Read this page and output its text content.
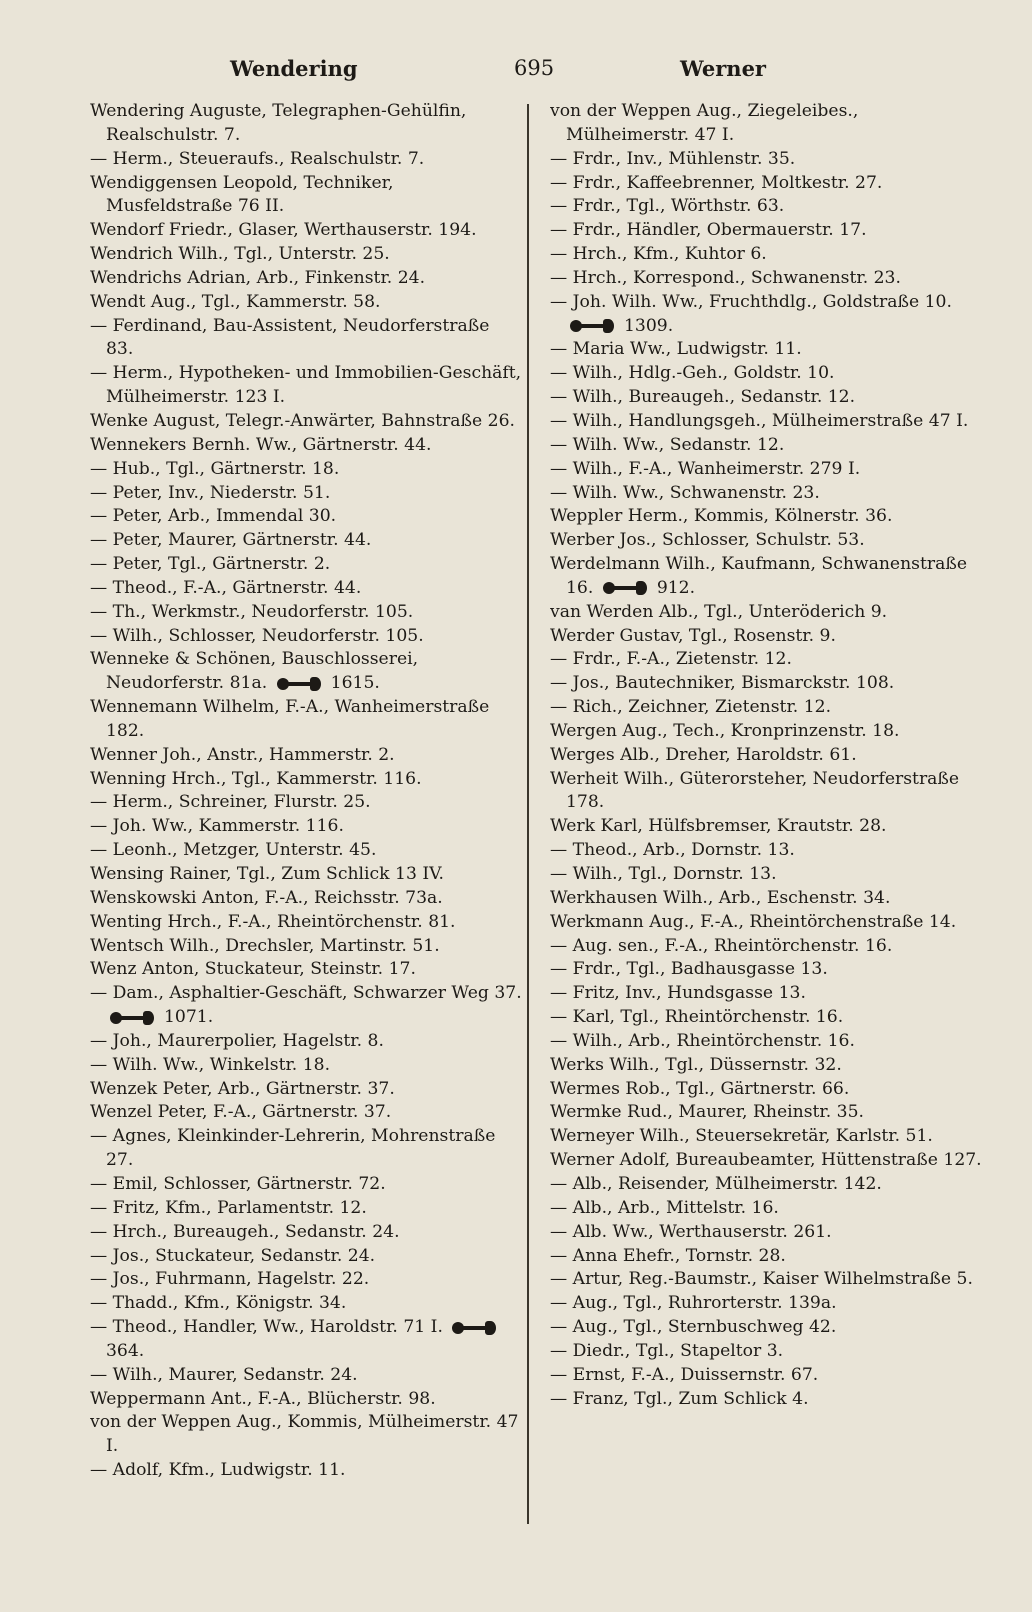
Wendering	695	Werner
Wendering Auguste, Telegraphen-Gehülfin, Realschulstr. 7.
— Herm., Steueraufs., Realschulstr. 7.
Wendiggensen Leopold, Techniker, Musfeldstraße 76 II.
Wendorf Friedr., Glaser, Werthauserstr. 194.
Wendrich Wilh., Tgl., Unterstr. 25.
Wendrichs Adrian, Arb., Finkenstr. 24.
Wendt Aug., Tgl., Kammerstr. 58.
— Ferdinand, Bau-Assistent, Neudorferstraße 83.
— Herm., Hypotheken- und Immobilien-Geschäft, Mülheimerstr. 123 I.
Wenke August, Telegr.-Anwärter, Bahnstraße 26.
Wennekers Bernh. Ww., Gärtnerstr. 44.
— Hub., Tgl., Gärtnerstr. 18.
— Peter, Inv., Niederstr. 51.
— Peter, Arb., Immendal 30.
— Peter, Maurer, Gärtnerstr. 44.
— Peter, Tgl., Gärtnerstr. 2.
— Theod., F.-A., Gärtnerstr. 44.
— Th., Werkmstr., Neudorferstr. 105.
— Wilh., Schlosser, Neudorferstr. 105.
Wenneke & Schönen, Bauschlosserei, Neudorferstr. 81a.	1615.
Wennemann Wilhelm, F.-A., Wanheimerstraße 182.
Wenner Joh., Anstr., Hammerstr. 2.
Wenning Hrch., Tgl., Kammerstr. 116.
— Herm., Schreiner, Flurstr. 25.
— Joh. Ww., Kammerstr. 116.
— Leonh., Metzger, Unterstr. 45.
Wensing Rainer, Tgl., Zum Schlick 13 IV.
Wenskowski Anton, F.-A., Reichsstr. 73a.
Wenting Hrch., F.-A., Rheintörchenstr. 81.
Wentsch Wilh., Drechsler, Martinstr. 51.
Wenz Anton, Stuckateur, Steinstr. 17.
— Dam., Asphaltier-Geschäft, Schwarzer Weg 37.
1071.
— Joh., Maurerpolier, Hagelstr. 8.
— Wilh. Ww., Winkelstr. 18.
Wenzek Peter, Arb., Gärtnerstr. 37.
Wenzel Peter, F.-A., Gärtnerstr. 37.
— Agnes, Kleinkinder-Lehrerin, Mohrenstraße 27.
— Emil, Schlosser, Gärtnerstr. 72.
— Fritz, Kfm., Parlamentstr. 12.
— Hrch., Bureaugeh., Sedanstr. 24.
— Jos., Stuckateur, Sedanstr. 24.
— Jos., Fuhrmann, Hagelstr. 22.
— Thadd., Kfm., Königstr. 34.
— Theod., Handler, Ww., Haroldstr. 71 I.
364.
— Wilh., Maurer, Sedanstr. 24.
Weppermann Ant., F.-A., Blücherstr. 98.
von der Weppen Aug., Kommis, Mülheimerstr. 47 I.
— Adolf, Kfm., Ludwigstr. 11.
von der Weppen Aug., Ziegeleibes., Mülheimerstr. 47 I.
— Frdr., Inv., Mühlenstr. 35.
— Frdr., Kaffeebrenner, Moltkestr. 27.
— Frdr., Tgl., Wörthstr. 63.
— Frdr., Händler, Obermauerstr. 17.
— Hrch., Kfm., Kuhtor 6.
— Hrch., Korrespond., Schwanenstr. 23.
— Joh. Wilh. Ww., Fruchthdlg., Goldstraße 10.
1309.
— Maria Ww., Ludwigstr. 11.
— Wilh., Hdlg.-Geh., Goldstr. 10.
— Wilh., Bureaugeh., Sedanstr. 12.
— Wilh., Handlungsgeh., Mülheimerstraße 47 I.
— Wilh. Ww., Sedanstr. 12.
— Wilh., F.-A., Wanheimerstr. 279 I.
— Wilh. Ww., Schwanenstr. 23.
Weppler Herm., Kommis, Kölnerstr. 36.
Werber Jos., Schlosser, Schulstr. 53.
Werdelmann Wilh., Kaufmann, Schwanenstraße 16.	912.
van Werden Alb., Tgl., Unteröderich 9.
Werder Gustav, Tgl., Rosenstr. 9.
— Frdr., F.-A., Zietenstr. 12.
— Jos., Bautechniker, Bismarckstr. 108.
— Rich., Zeichner, Zietenstr. 12.
Wergen Aug., Tech., Kronprinzenstr. 18.
Werges Alb., Dreher, Haroldstr. 61.
Werheit Wilh., Güterorsteher, Neudorferstraße 178.
Werk Karl, Hülfsbremser, Krautstr. 28.
— Theod., Arb., Dornstr. 13.
— Wilh., Tgl., Dornstr. 13.
Werkhausen Wilh., Arb., Eschenstr. 34.
Werkmann Aug., F.-A., Rheintörchenstraße 14.
— Aug. sen., F.-A., Rheintörchenstr. 16.
— Frdr., Tgl., Badhausgasse 13.
— Fritz, Inv., Hundsgasse 13.
— Karl, Tgl., Rheintörchenstr. 16.
— Wilh., Arb., Rheintörchenstr. 16.
Werks Wilh., Tgl., Düssernstr. 32.
Wermes Rob., Tgl., Gärtnerstr. 66.
Wermke Rud., Maurer, Rheinstr. 35.
Werneyer Wilh., Steuersekretär, Karlstr. 51.
Werner Adolf, Bureaubeamter, Hüttenstraße 127.
— Alb., Reisender, Mülheimerstr. 142.
— Alb., Arb., Mittelstr. 16.
— Alb. Ww., Werthauserstr. 261.
— Anna Ehefr., Tornstr. 28.
— Artur, Reg.-Baumstr., Kaiser Wilhelmstraße 5.
— Aug., Tgl., Ruhrorterstr. 139a.
— Aug., Tgl., Sternbuschweg 42.
— Diedr., Tgl., Stapeltor 3.
— Ernst, F.-A., Duissernstr. 67.
— Franz, Tgl., Zum Schlick 4.
